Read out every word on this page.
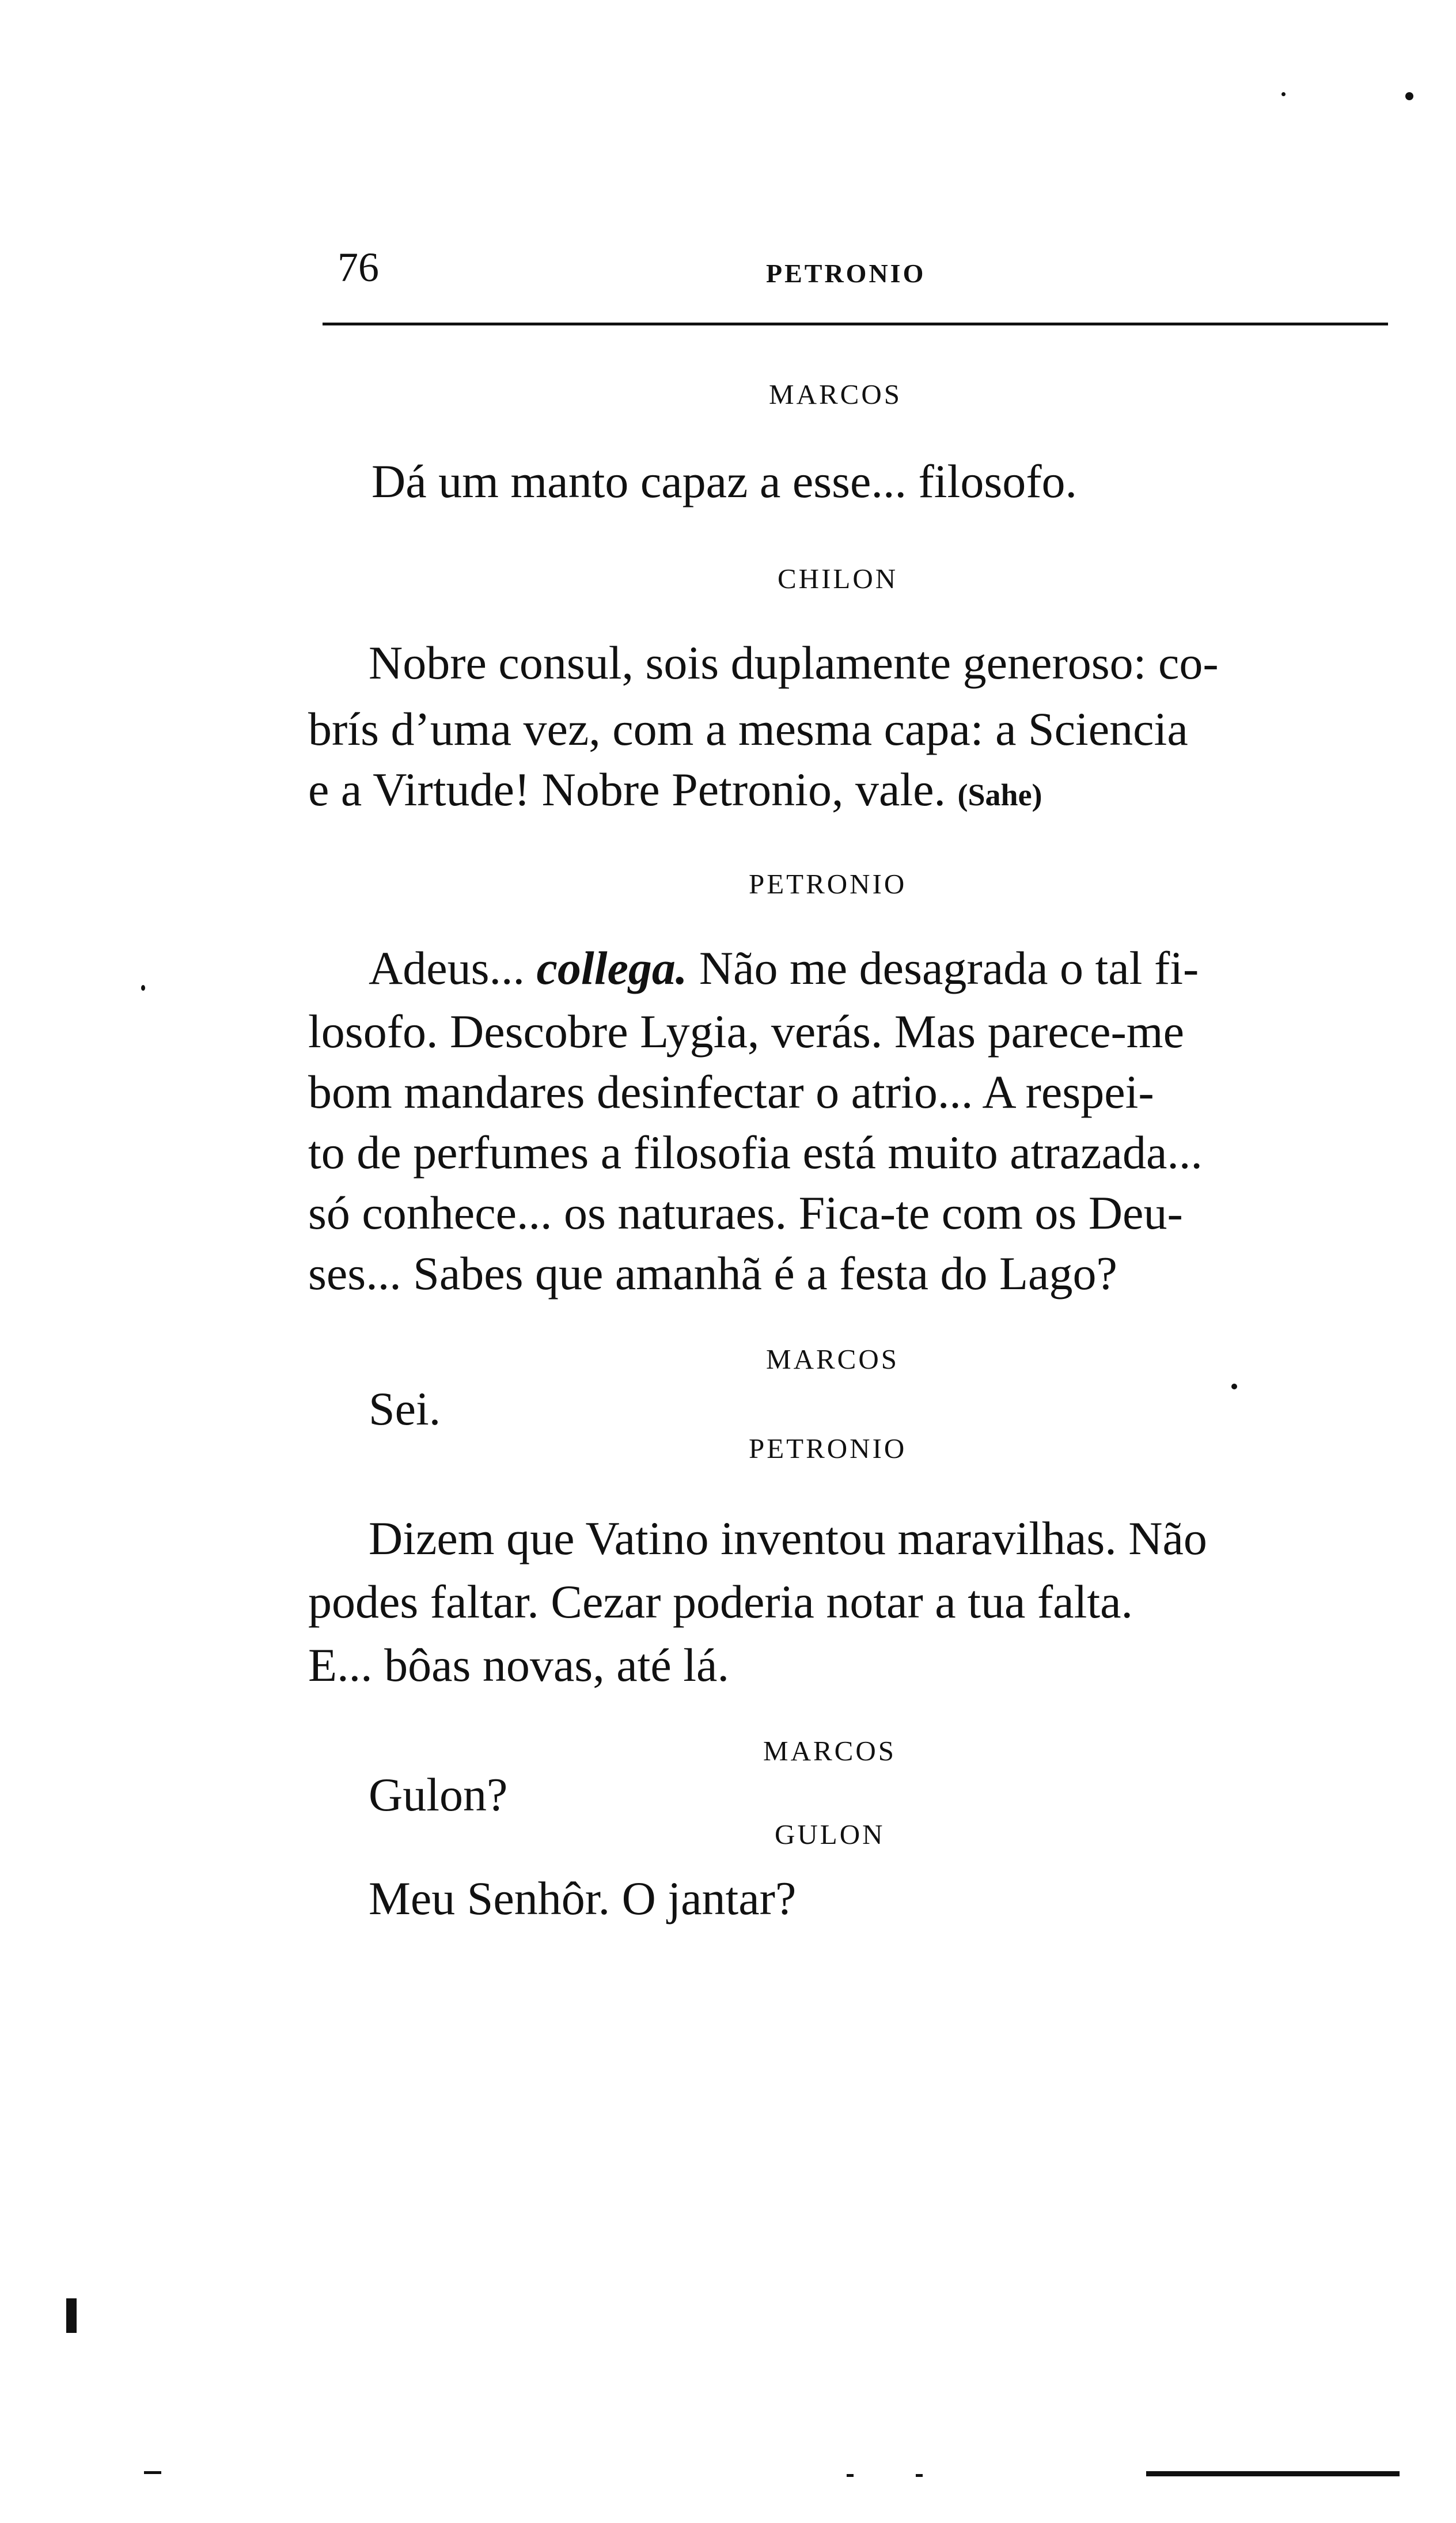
76	PETRONIO
MARCOS
Dá um manto capaz a esse... filosofo.
CHILON
Nobre consul, sois duplamente generoso: co-
brís d’uma vez, com a mesma capa: a Sciencia
e a Virtude! Nobre Petronio, vale. (Sahe)
PETRONIO
Adeus... collega. Não me desagrada o tal fi-
losofo. Descobre Lygia, verás. Mas parece-me
bom mandares desinfectar o atrio... A respei-
to de perfumes a filosofia está muito atrazada...
só conhece... os naturaes. Fica-te com os Deu-
ses... Sabes que amanhã é a festa do Lago?
MARCOS
Sei.
PETRONIO
Dizem que Vatino inventou maravilhas. Não
podes faltar. Cezar poderia notar a tua falta.
E... bôas novas, até lá.
MARCOS
Gulon?
GULON
Meu Senhôr. O jantar?
